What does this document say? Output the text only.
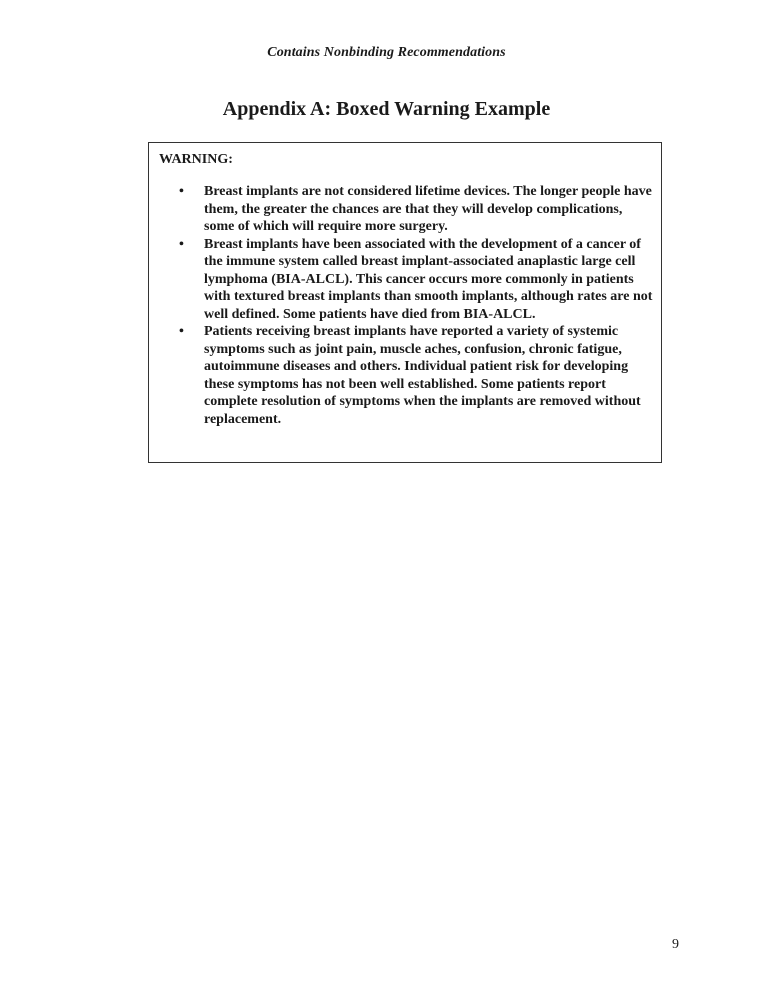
Contains Nonbinding Recommendations
Appendix A: Boxed Warning Example
WARNING:
• Breast implants are not considered lifetime devices. The longer people have them, the greater the chances are that they will develop complications, some of which will require more surgery.
• Breast implants have been associated with the development of a cancer of the immune system called breast implant-associated anaplastic large cell lymphoma (BIA-ALCL). This cancer occurs more commonly in patients with textured breast implants than smooth implants, although rates are not well defined. Some patients have died from BIA-ALCL.
• Patients receiving breast implants have reported a variety of systemic symptoms such as joint pain, muscle aches, confusion, chronic fatigue, autoimmune diseases and others. Individual patient risk for developing these symptoms has not been well established. Some patients report complete resolution of symptoms when the implants are removed without replacement.
9
